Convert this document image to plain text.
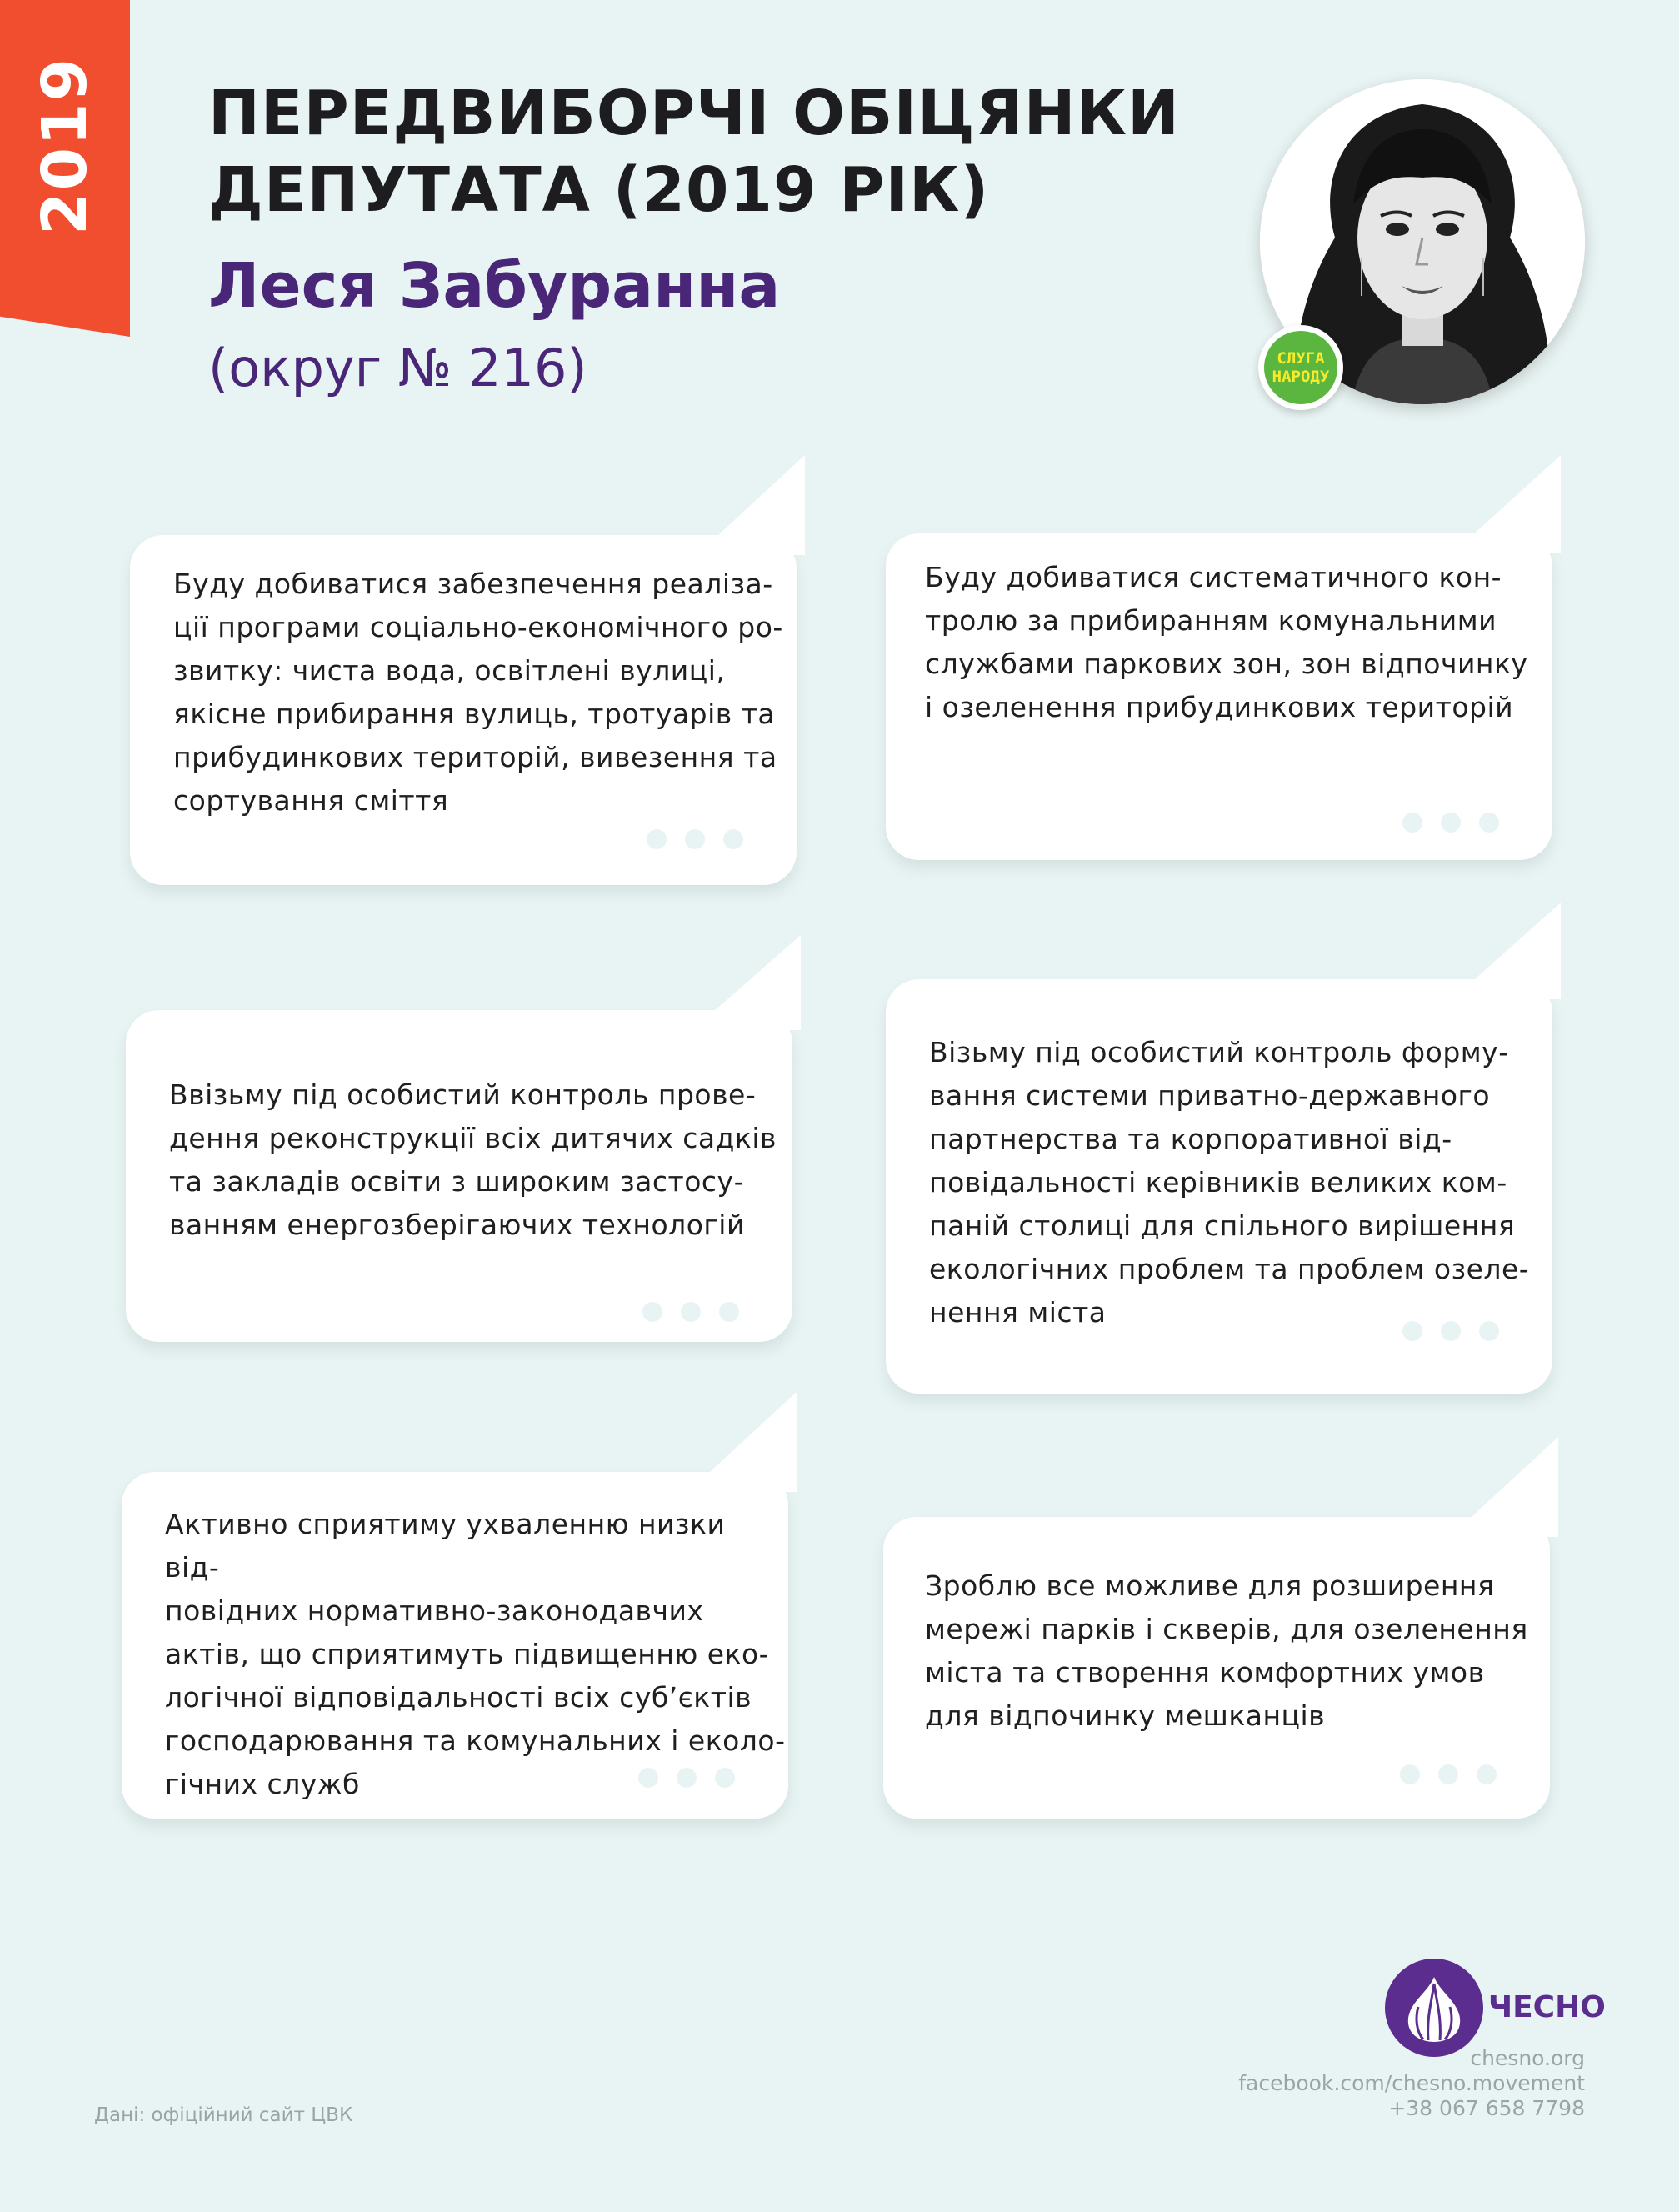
2019 ПЕРЕДВИБОРЧІ ОБІЦЯНКИ
ДЕПУТАТА (2019 РІК)
Леся Забуранна
(округ № 216)	СЛУГА
НАРОДУ
Буду добиватися забезпечення реаліза-
ції програми соціально-економічного ро-
звитку: чиста вода, освітлені вулиці,
якісне прибирання вулиць, тротуарів та
прибудинкових територій, вивезення та
сортування сміття
Буду добиватися систематичного кон-
тролю за прибиранням комунальними
службами паркових зон, зон відпочинку
і озеленення прибудинкових територій
Ввізьму під особистий контроль прове-
дення реконструкції всіх дитячих садків
та закладів освіти з широким застосу-
ванням енергозберігаючих технологій
Візьму під особистий контроль форму-
вання системи приватно-державного
партнерства та корпоративної від-
повідальності керівників великих ком-
паній столиці для спільного вирішення
екологічних проблем та проблем озеле-
нення міста
Активно сприятиму ухваленню низки від-
повідних нормативно-законодавчих
актів, що сприятимуть підвищенню еко-
логічної відповідальності всіх суб’єктів
господарювання та комунальних і еколо-
гічних служб
Зроблю все можливе для розширення
мережі парків і скверів, для озеленення
міста та створення комфортних умов
для відпочинку мешканців
ЧЕСНО
chesno.org
facebook.com/chesno.movement
+38 067 658 7798
Дані: офіційний сайт ЦВК
